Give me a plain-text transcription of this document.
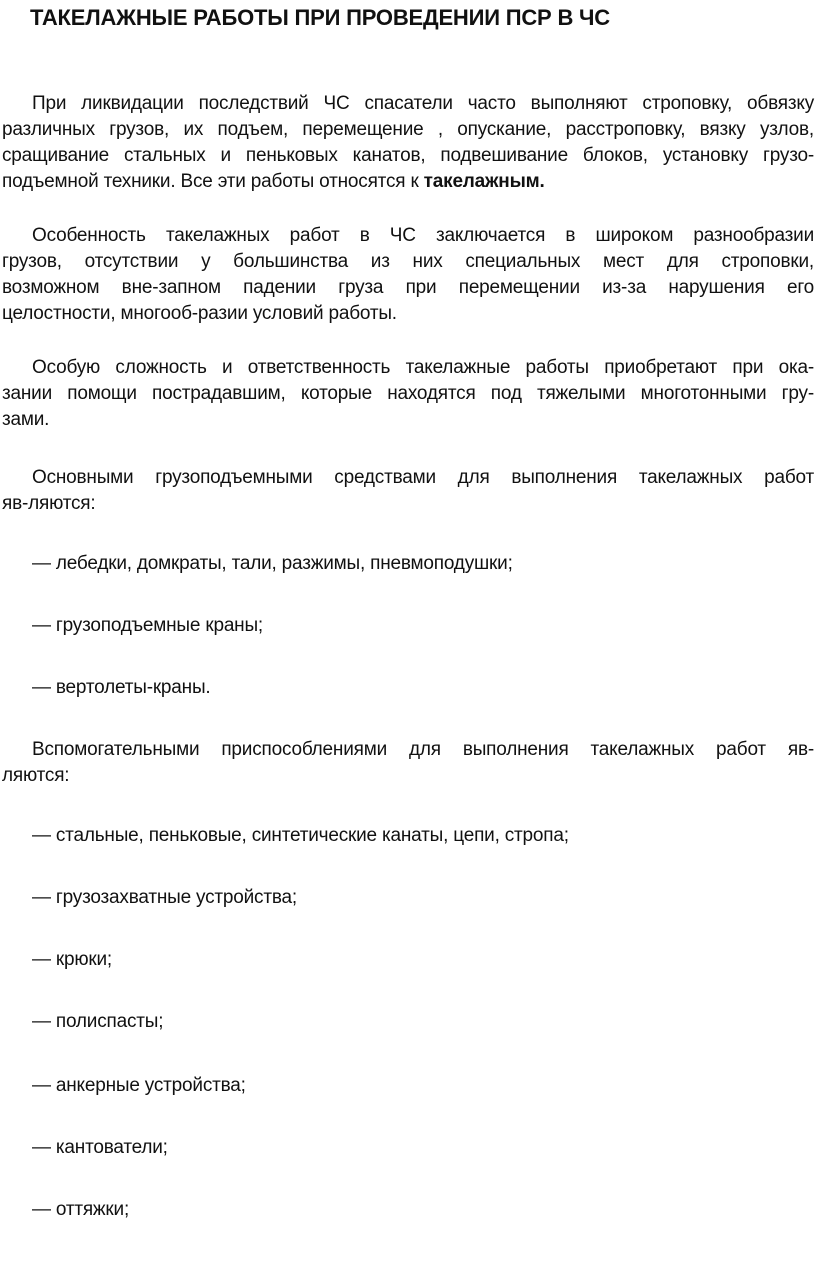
ТАКЕЛАЖНЫЕ РАБОТЫ ПРИ ПРОВЕДЕНИИ ПСР В ЧС
При ликвидации последствий ЧС спасатели часто выполняют строповку, обвязку
различных грузов, их подъем, перемещение , опускание, расстроповку, вязку узлов,
сращивание стальных и пеньковых канатов, подвешивание блоков, установку грузо-
подъемной техники. Все эти работы относятся к такелажным.
Особенность такелажных работ в ЧС заключается в широком разнообразии
грузов, отсутствии у большинства из них специальных мест для строповки,
возможном вне-запном падении груза при перемещении из-за нарушения его
целостности, многооб-разии условий работы.
Особую сложность и ответственность такелажные работы приобретают при ока-
зании помощи пострадавшим, которые находятся под тяжелыми многотонными гру-
зами.
Основными грузоподъемными средствами для выполнения такелажных работ
яв-ляются:
— лебедки, домкраты, тали, разжимы, пневмоподушки;
— грузоподъемные краны;
— вертолеты-краны.
Вспомогательными приспособлениями для выполнения такелажных работ яв-
ляются:
— стальные, пеньковые, синтетические канаты, цепи, стропа;
— грузозахватные устройства;
— крюки;
— полиспасты;
— анкерные устройства;
— кантователи;
— оттяжки;
